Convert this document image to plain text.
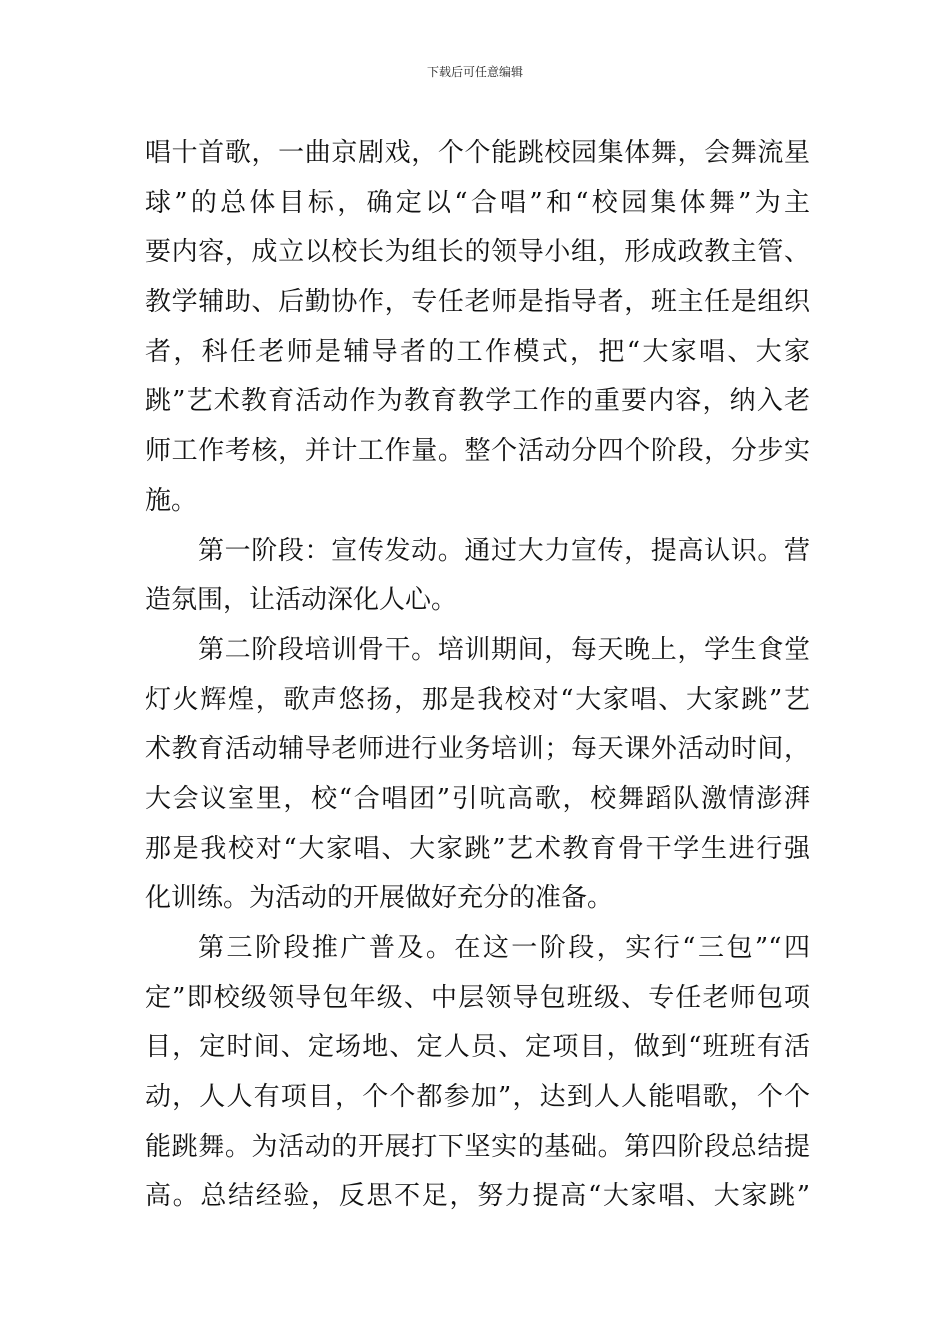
下载后可任意编辑
唱十首歌，一曲京剧戏，个个能跳校园集体舞，会舞流星
球”的总体目标，确定以“合唱”和“校园集体舞”为主
要内容，成立以校长为组长的领导小组，形成政教主管、
教学辅助、后勤协作，专任老师是指导者，班主任是组织
者，科任老师是辅导者的工作模式，把“大家唱、大家
跳”艺术教育活动作为教育教学工作的重要内容，纳入老
师工作考核，并计工作量。整个活动分四个阶段，分步实
施。
第一阶段：宣传发动。通过大力宣传，提高认识。营
造氛围，让活动深化人心。
第二阶段培训骨干。培训期间，每天晚上，学生食堂
灯火辉煌，歌声悠扬，那是我校对“大家唱、大家跳”艺
术教育活动辅导老师进行业务培训；每天课外活动时间，
大会议室里，校“合唱团”引吭高歌，校舞蹈队激情澎湃
那是我校对“大家唱、大家跳”艺术教育骨干学生进行强
化训练。为活动的开展做好充分的准备。
第三阶段推广普及。在这一阶段，实行“三包”“四
定”即校级领导包年级、中层领导包班级、专任老师包项
目，定时间、定场地、定人员、定项目，做到“班班有活
动，人人有项目，个个都参加”，达到人人能唱歌，个个
能跳舞。为活动的开展打下坚实的基础。第四阶段总结提
高。总结经验，反思不足，努力提高“大家唱、大家跳”
